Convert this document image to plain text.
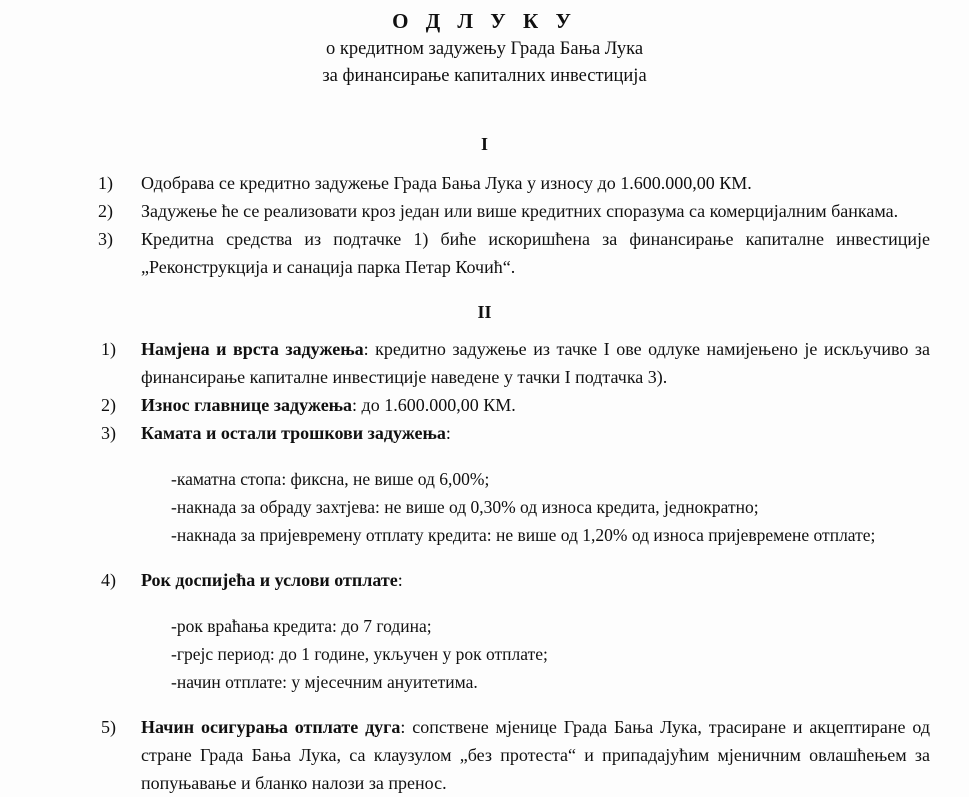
О Д Л У К У
о кредитном задужењу Града Бања Лука
за финансирање капиталних инвестиција
I
1)	Одобрава се кредитно задужење Града Бања Лука у износу до 1.600.000,00 КМ.
2)	Задужење ће се реализовати кроз један или више кредитних споразума са комерцијалним банкама.
3)	Кредитна средства из подтачке 1) биће искоришћена за финансирање капиталне инвестиције „Реконструкција и санација парка Петар Кочић“.
II
1)	Намјена и врста задужења: кредитно задужење из тачке I ове одлуке намијењено је искључиво за финансирање капиталне инвестиције наведене у тачки I подтачка 3).
2)	Износ главнице задужења: до 1.600.000,00 КМ.
3)	Камата и остали трошкови задужења:
-каматна стопа: фиксна, не више од 6,00%;
-накнада за обраду захтјева: не више од 0,30% од износа кредита, једнократно;
-накнада за пријевремену отплату кредита: не више од 1,20% од износа пријевремене отплате;
4)	Рок доспијећа и услови отплате:
-рок враћања кредита: до 7 година;
-грејс период: до 1 године, укључен у рок отплате;
-начин отплате: у мјесечним ануитетима.
5)	Начин осигурања отплате дуга: сопствене мјенице Града Бања Лука, трасиране и акцептиране од стране Града Бања Лука, са клаузулом „без протеста“ и припадајућим мјеничним овлашћењем за попуњавање и бланко налози за пренос.
